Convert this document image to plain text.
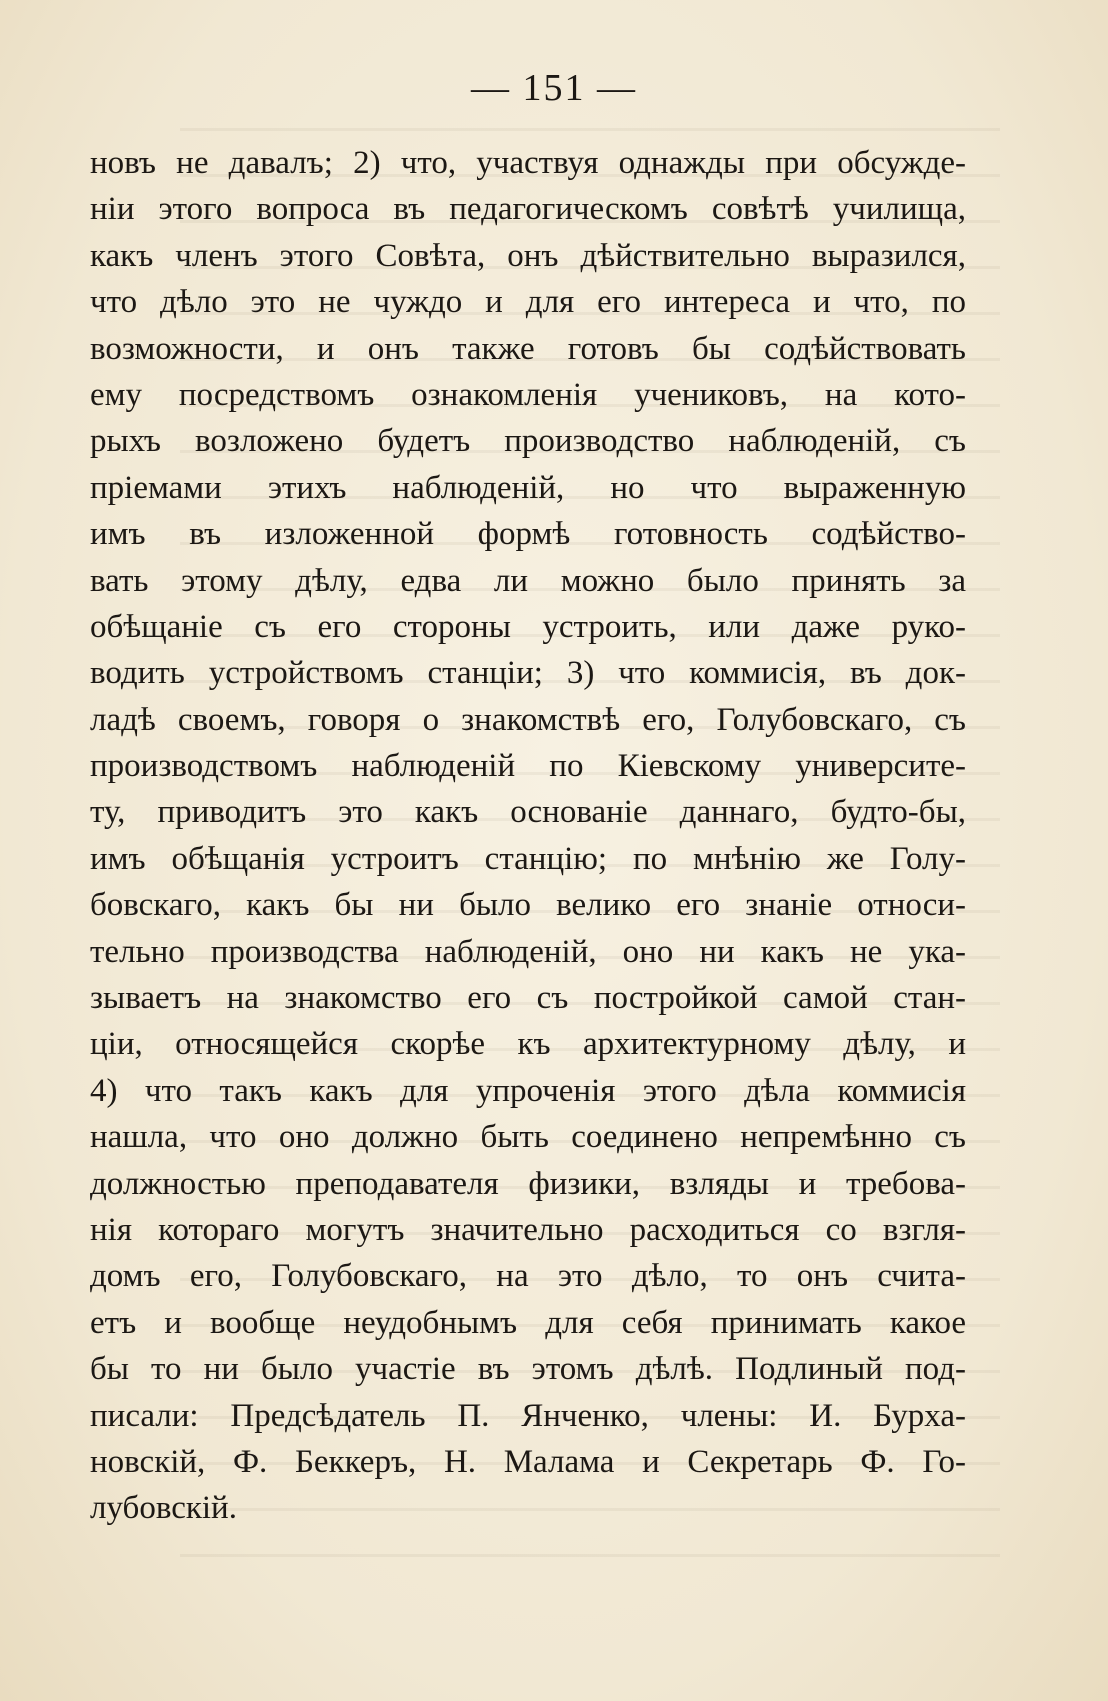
— 151 —
новъ не давалъ; 2) что, участвуя однажды при обсужде-
ніи этого вопроса въ педагогическомъ совѣтѣ училища,
какъ членъ этого Совѣта, онъ дѣйствительно выразился,
что дѣло это не чуждо и для его интереса и что, по
возможности, и онъ также готовъ бы содѣйствовать
ему посредствомъ ознакомленія учениковъ, на кото-
рыхъ возложено будетъ производство наблюденій, съ
пріемами этихъ наблюденій, но что выраженную
имъ въ изложенной формѣ готовность содѣйство-
вать этому дѣлу, едва ли можно было принять за
обѣщаніе съ его стороны устроить, или даже руко-
водить устройствомъ станціи; 3) что коммисія, въ док-
ладѣ своемъ, говоря о знакомствѣ его, Голубовскаго, съ
производствомъ наблюденій по Кіевскому университе-
ту, приводитъ это какъ основаніе даннаго, будто-бы,
имъ обѣщанія устроитъ станцію; по мнѣнію же Голу-
бовскаго, какъ бы ни было велико его знаніе относи-
тельно производства наблюденій, оно ни какъ не ука-
зываетъ на знакомство его съ постройкой самой стан-
ціи, относящейся скорѣе къ архитектурному дѣлу, и
4) что такъ какъ для упроченія этого дѣла коммисія
нашла, что оно должно быть соединено непремѣнно съ
должностью преподавателя физики, взляды и требова-
нія котораго могутъ значительно расходиться со взгля-
домъ его, Голубовскаго, на это дѣло, то онъ счита-
етъ и вообще неудобнымъ для себя принимать какое
бы то ни было участіе въ этомъ дѣлѣ. Подлиный под-
писали: Предсѣдатель П. Янченко, члены: И. Бурха-
новскій, Ф. Беккеръ, Н. Малама и Секретарь Ф. Го-
лубовскій.
